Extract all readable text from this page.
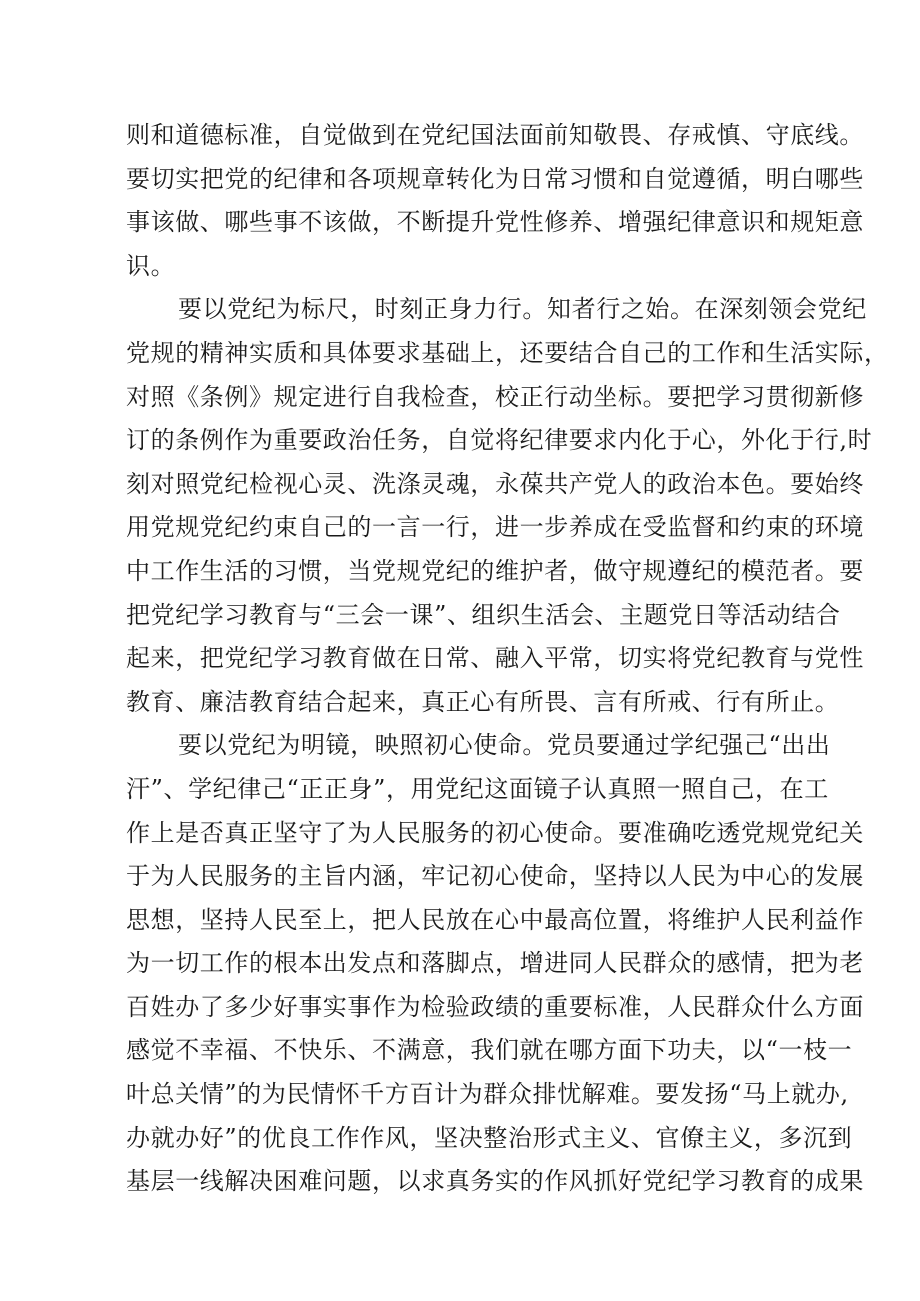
则和道德标准，自觉做到在党纪国法面前知敬畏、存戒慎、守底线。
要切实把党的纪律和各项规章转化为日常习惯和自觉遵循，明白哪些
事该做、哪些事不该做，不断提升党性修养、增强纪律意识和规矩意
识。
要以党纪为标尺，时刻正身力行。知者行之始。在深刻领会党纪
党规的精神实质和具体要求基础上，还要结合自己的工作和生活实际，
对照《条例》规定进行自我检查，校正行动坐标。要把学习贯彻新修
订的条例作为重要政治任务，自觉将纪律要求内化于心，外化于行,时
刻对照党纪检视心灵、洗涤灵魂，永葆共产党人的政治本色。要始终
用党规党纪约束自己的一言一行，进一步养成在受监督和约束的环境
中工作生活的习惯，当党规党纪的维护者，做守规遵纪的模范者。要
把党纪学习教育与“三会一课”、组织生活会、主题党日等活动结合
起来，把党纪学习教育做在日常、融入平常，切实将党纪教育与党性
教育、廉洁教育结合起来，真正心有所畏、言有所戒、行有所止。
要以党纪为明镜，映照初心使命。党员要通过学纪强己“出出
汗”、学纪律己“正正身”，用党纪这面镜子认真照一照自己，在工
作上是否真正坚守了为人民服务的初心使命。要准确吃透党规党纪关
于为人民服务的主旨内涵，牢记初心使命，坚持以人民为中心的发展
思想，坚持人民至上，把人民放在心中最高位置，将维护人民利益作
为一切工作的根本出发点和落脚点，增进同人民群众的感情，把为老
百姓办了多少好事实事作为检验政绩的重要标准，人民群众什么方面
感觉不幸福、不快乐、不满意，我们就在哪方面下功夫，以“一枝一
叶总关情”的为民情怀千方百计为群众排忧解难。要发扬“马上就办,
办就办好”的优良工作作风，坚决整治形式主义、官僚主义，多沉到
基层一线解决困难问题，以求真务实的作风抓好党纪学习教育的成果
